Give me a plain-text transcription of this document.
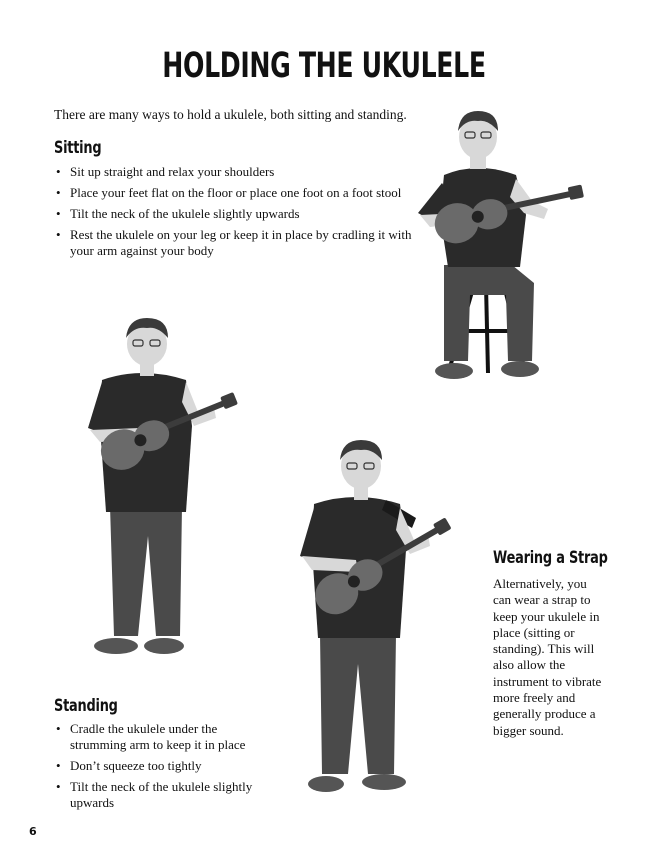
HOLDING THE UKULELE

There are many ways to hold a ukulele, both sitting and standing.

Sitting
• Sit up straight and relax your shoulders
• Place your feet flat on the floor or place one foot on a foot stool
• Tilt the neck of the ukulele slightly upwards
• Rest the ukulele on your leg or keep it in place by cradling it with your arm against your body
Wearing a Strap

Alternatively, you can wear a strap to keep your ukulele in place (sitting or standing). This will also allow the instrument to vibrate more freely and generally produce a bigger sound.

Standing
• Cradle the ukulele under the strumming arm to keep it in place
• Don’t squeeze too tightly
• Tilt the neck of the ukulele slightly upwards
6
